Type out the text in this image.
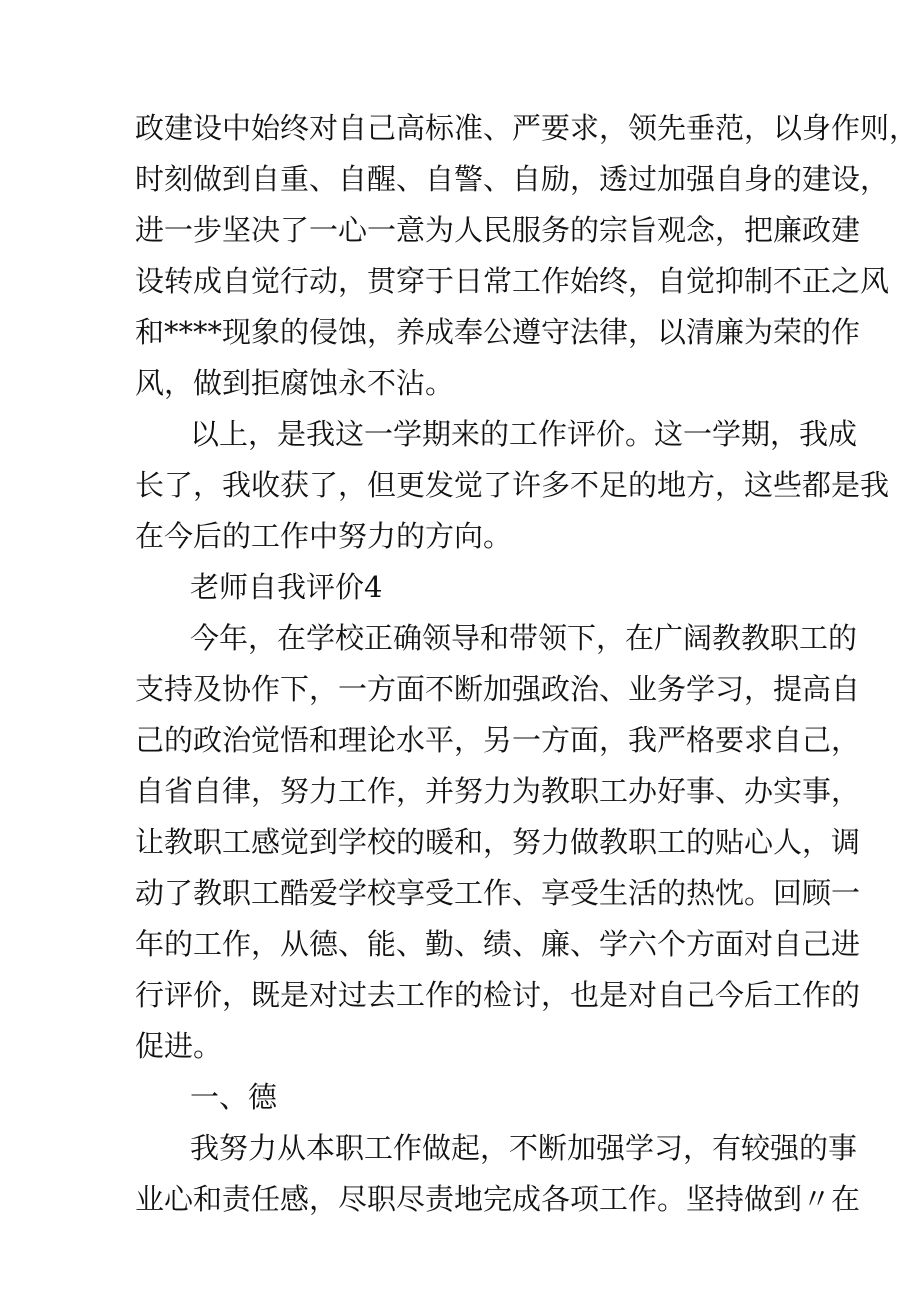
政建设中始终对自己高标准、严要求，领先垂范，以身作则，
时刻做到自重、自醒、自警、自励，透过加强自身的建设，
进一步坚决了一心一意为人民服务的宗旨观念，把廉政建
设转成自觉行动，贯穿于日常工作始终，自觉抑制不正之风
和****现象的侵蚀，养成奉公遵守法律，以清廉为荣的作
风，做到拒腐蚀永不沾。
以上，是我这一学期来的工作评价。这一学期，我成
长了，我收获了，但更发觉了许多不足的地方，这些都是我
在今后的工作中努力的方向。
老师自我评价4
今年，在学校正确领导和带领下，在广阔教教职工的
支持及协作下，一方面不断加强政治、业务学习，提高自
己的政治觉悟和理论水平，另一方面，我严格要求自己，
自省自律，努力工作，并努力为教职工办好事、办实事，
让教职工感觉到学校的暖和，努力做教职工的贴心人，调
动了教职工酷爱学校享受工作、享受生活的热忱。回顾一
年的工作，从德、能、勤、绩、廉、学六个方面对自己进
行评价，既是对过去工作的检讨，也是对自己今后工作的
促进。
一、德
我努力从本职工作做起，不断加强学习，有较强的事
业心和责任感，尽职尽责地完成各项工作。坚持做到〃在
